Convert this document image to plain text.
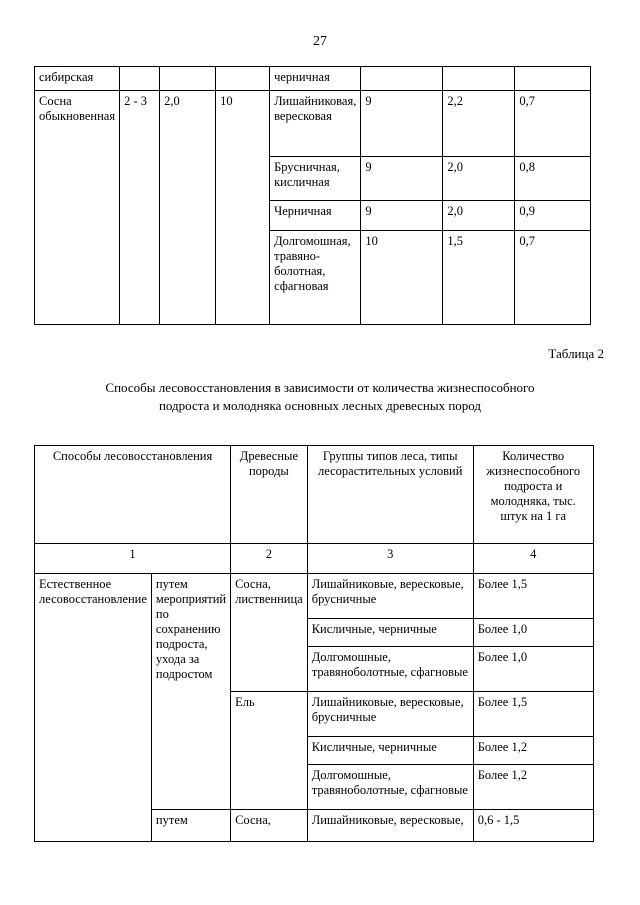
27
сибирская				черничная			
Сосна обыкновенная	2 - 3	2,0	10	Лишайниковая, вересковая	9	2,2	0,7
				Брусничная, кисличная	9	2,0	0,8
				Черничная	9	2,0	0,9
				Долгомошная, травяно-болотная, сфагновая	10	1,5	0,7
Таблица 2
Способы лесовосстановления в зависимости от количества жизнеспособного подроста и молодняка основных лесных древесных пород
Способы лесовосстановления		Древесные породы	Группы типов леса, типы лесорастительных условий	Количество жизнеспособного подроста и молодняка, тыс. штук на 1 га
1		2	3	4
Естественное лесовосстановление	путем мероприятий по сохранению подроста, ухода за подростом	Сосна, лиственница	Лишайниковые, вересковые, брусничные	Более 1,5
			Кисличные, черничные	Более 1,0
			Долгомошные, травяноболотные, сфагновые	Более 1,0
		Ель	Лишайниковые, вересковые, брусничные	Более 1,5
			Кисличные, черничные	Более 1,2
			Долгомошные, травяноболотные, сфагновые	Более 1,2
	путем	Сосна,	Лишайниковые, вересковые,	0,6 - 1,5
